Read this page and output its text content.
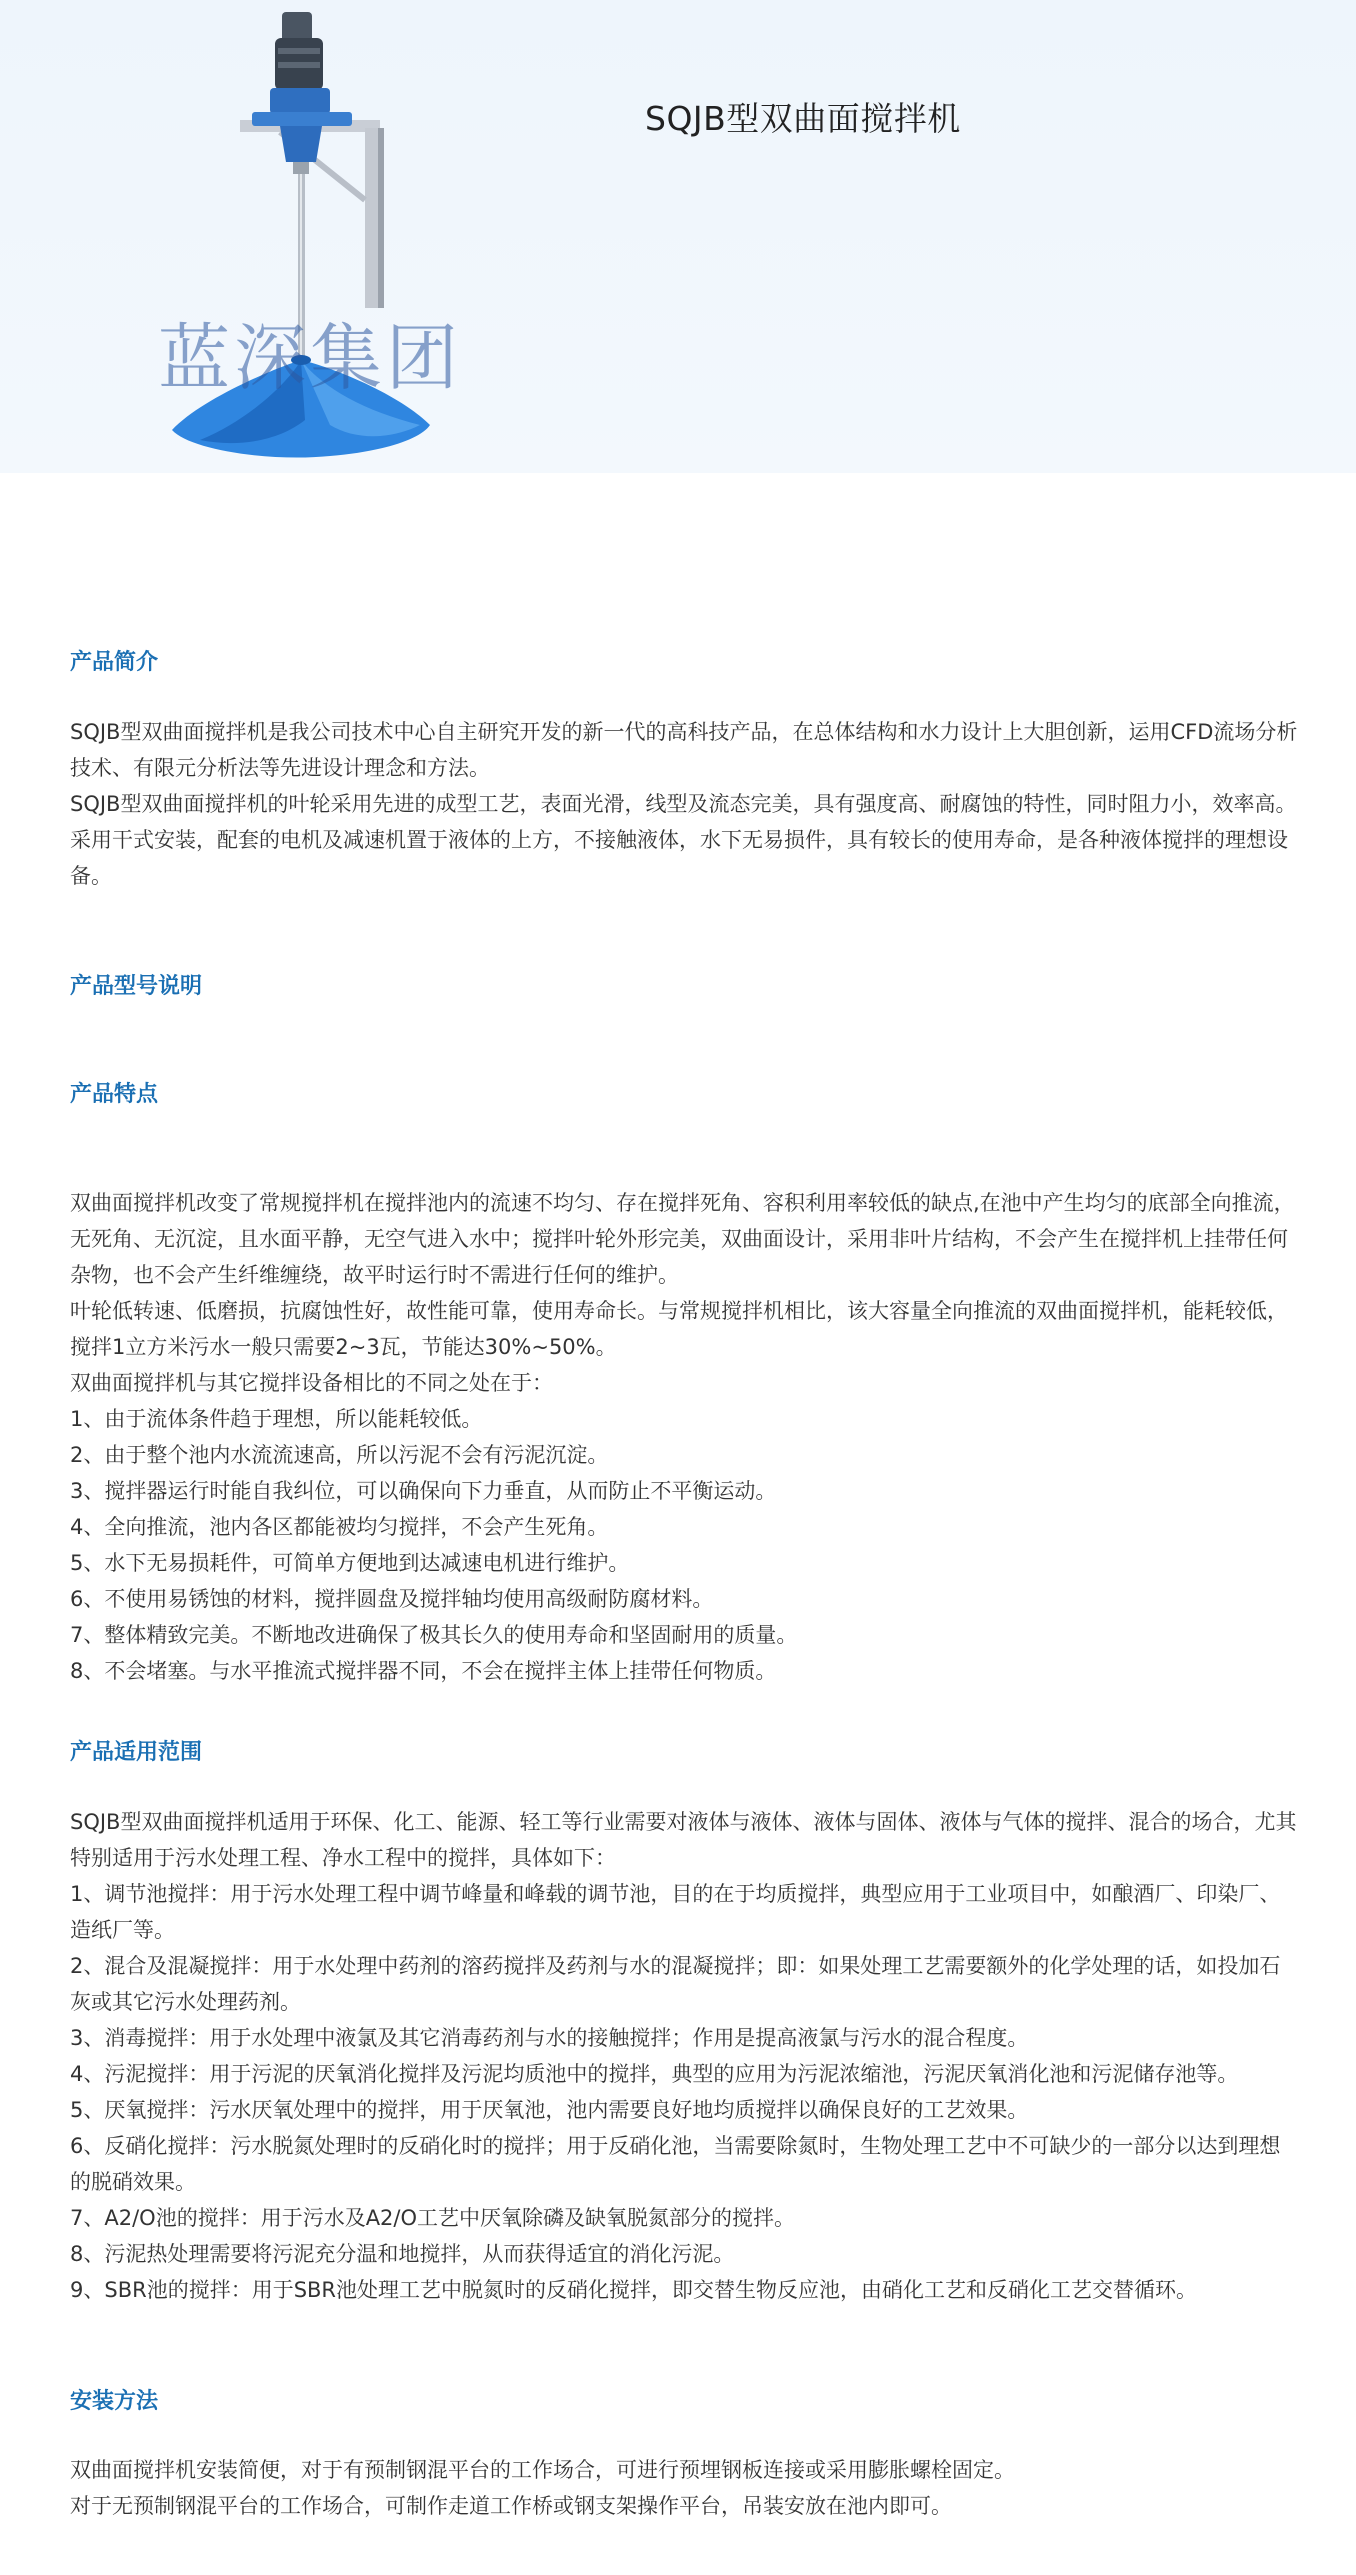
蓝深集团
SQJB型双曲面搅拌机
产品简介

SQJB型双曲面搅拌机是我公司技术中心自主研究开发的新一代的高科技产品，在总体结构和水力设计上大胆创新，运用CFD流场分析技术、有限元分析法等先进设计理念和方法。

SQJB型双曲面搅拌机的叶轮采用先进的成型工艺，表面光滑，线型及流态完美，具有强度高、耐腐蚀的特性，同时阻力小，效率高。采用干式安装，配套的电机及减速机置于液体的上方，不接触液体，水下无易损件，具有较长的使用寿命，是各种液体搅拌的理想设备。

产品型号说明
产品特点

双曲面搅拌机改变了常规搅拌机在搅拌池内的流速不均匀、存在搅拌死角、容积利用率较低的缺点,在池中产生均匀的底部全向推流，无死角、无沉淀，且水面平静，无空气进入水中；搅拌叶轮外形完美，双曲面设计，采用非叶片结构，不会产生在搅拌机上挂带任何杂物，也不会产生纤维缠绕，故平时运行时不需进行任何的维护。

叶轮低转速、低磨损，抗腐蚀性好，故性能可靠，使用寿命长。与常规搅拌机相比，该大容量全向推流的双曲面搅拌机，能耗较低，搅拌1立方米污水一般只需要2~3瓦，节能达30%~50%。

双曲面搅拌机与其它搅拌设备相比的不同之处在于：

1、由于流体条件趋于理想，所以能耗较低。

2、由于整个池内水流流速高，所以污泥不会有污泥沉淀。

3、搅拌器运行时能自我纠位，可以确保向下力垂直，从而防止不平衡运动。

4、全向推流，池内各区都能被均匀搅拌，不会产生死角。

5、水下无易损耗件，可简单方便地到达减速电机进行维护。

6、不使用易锈蚀的材料，搅拌圆盘及搅拌轴均使用高级耐防腐材料。

7、整体精致完美。不断地改进确保了极其长久的使用寿命和坚固耐用的质量。

8、不会堵塞。与水平推流式搅拌器不同，不会在搅拌主体上挂带任何物质。

产品适用范围

SQJB型双曲面搅拌机适用于环保、化工、能源、轻工等行业需要对液体与液体、液体与固体、液体与气体的搅拌、混合的场合，尤其特别适用于污水处理工程、净水工程中的搅拌，具体如下：

1、调节池搅拌：用于污水处理工程中调节峰量和峰载的调节池，目的在于均质搅拌，典型应用于工业项目中，如酿酒厂、印染厂、造纸厂等。

2、混合及混凝搅拌：用于水处理中药剂的溶药搅拌及药剂与水的混凝搅拌；即：如果处理工艺需要额外的化学处理的话，如投加石灰或其它污水处理药剂。

3、消毒搅拌：用于水处理中液氯及其它消毒药剂与水的接触搅拌；作用是提高液氯与污水的混合程度。

4、污泥搅拌：用于污泥的厌氧消化搅拌及污泥均质池中的搅拌，典型的应用为污泥浓缩池，污泥厌氧消化池和污泥储存池等。

5、厌氧搅拌：污水厌氧处理中的搅拌，用于厌氧池，池内需要良好地均质搅拌以确保良好的工艺效果。

6、反硝化搅拌：污水脱氮处理时的反硝化时的搅拌；用于反硝化池，当需要除氮时，生物处理工艺中不可缺少的一部分以达到理想的脱硝效果。

7、A2/O池的搅拌：用于污水及A2/O工艺中厌氧除磷及缺氧脱氮部分的搅拌。

8、污泥热处理需要将污泥充分温和地搅拌，从而获得适宜的消化污泥。

9、SBR池的搅拌：用于SBR池处理工艺中脱氮时的反硝化搅拌，即交替生物反应池，由硝化工艺和反硝化工艺交替循环。

安装方法

双曲面搅拌机安装简便，对于有预制钢混平台的工作场合，可进行预埋钢板连接或采用膨胀螺栓固定。

对于无预制钢混平台的工作场合，可制作走道工作桥或钢支架操作平台，吊装安放在池内即可。
